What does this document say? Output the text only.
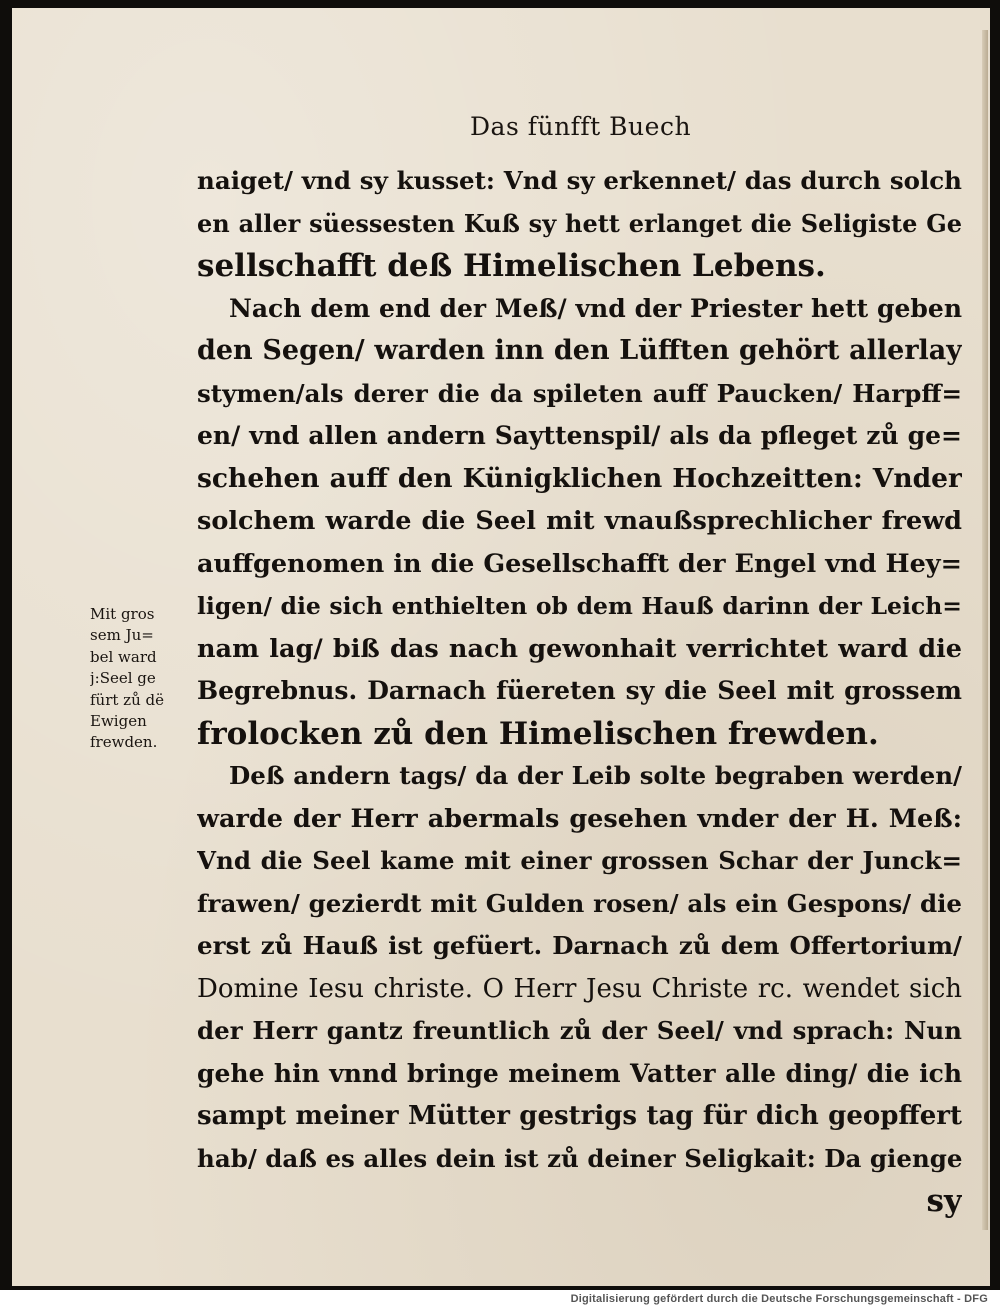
Das fünfft Buech
naiget/ vnd sy kusset: Vnd sy erkennet/ das durch solch
en aller süessesten Kuß sy hett erlanget die Seligiste Ge
sellschafft deß Himelischen Lebens.
Nach dem end der Meß/ vnd der Priester hett geben
den Segen/ warden inn den Lüfften gehört allerlay
stymen/als derer die da spileten auff Paucken/ Harpff=
en/ vnd allen andern Sayttenspil/ als da pfleget zů ge=
schehen auff den Künigklichen Hochzeitten: Vnder
solchem warde die Seel mit vnaußsprechlicher frewd
auffgenomen in die Gesellschafft der Engel vnd Hey=
ligen/ die sich enthielten ob dem Hauß darinn der Leich=
nam lag/ biß das nach gewonhait verrichtet ward die
Begrebnus. Darnach füereten sy die Seel mit grossem
frolocken zů den Himelischen frewden.
Deß andern tags/ da der Leib solte begraben werden/
warde der Herr abermals gesehen vnder der H. Meß:
Vnd die Seel kame mit einer grossen Schar der Junck=
frawen/ gezierdt mit Gulden rosen/ als ein Gespons/ die
erst zů Hauß ist gefüert. Darnach zů dem Offertorium/
Domine Iesu christe. O Herr Jesu Christe rc. wendet sich
der Herr gantz freuntlich zů der Seel/ vnd sprach: Nun
gehe hin vnnd bringe meinem Vatter alle ding/ die ich
sampt meiner Mütter gestrigs tag für dich geopffert
hab/ daß es alles dein ist zů deiner Seligkait: Da gienge
sy
Mit gros
sem Ju=
bel ward
j:Seel ge
fürt zů dë
Ewigen
frewden.
Digitalisierung gefördert durch die Deutsche Forschungsgemeinschaft - DFG
